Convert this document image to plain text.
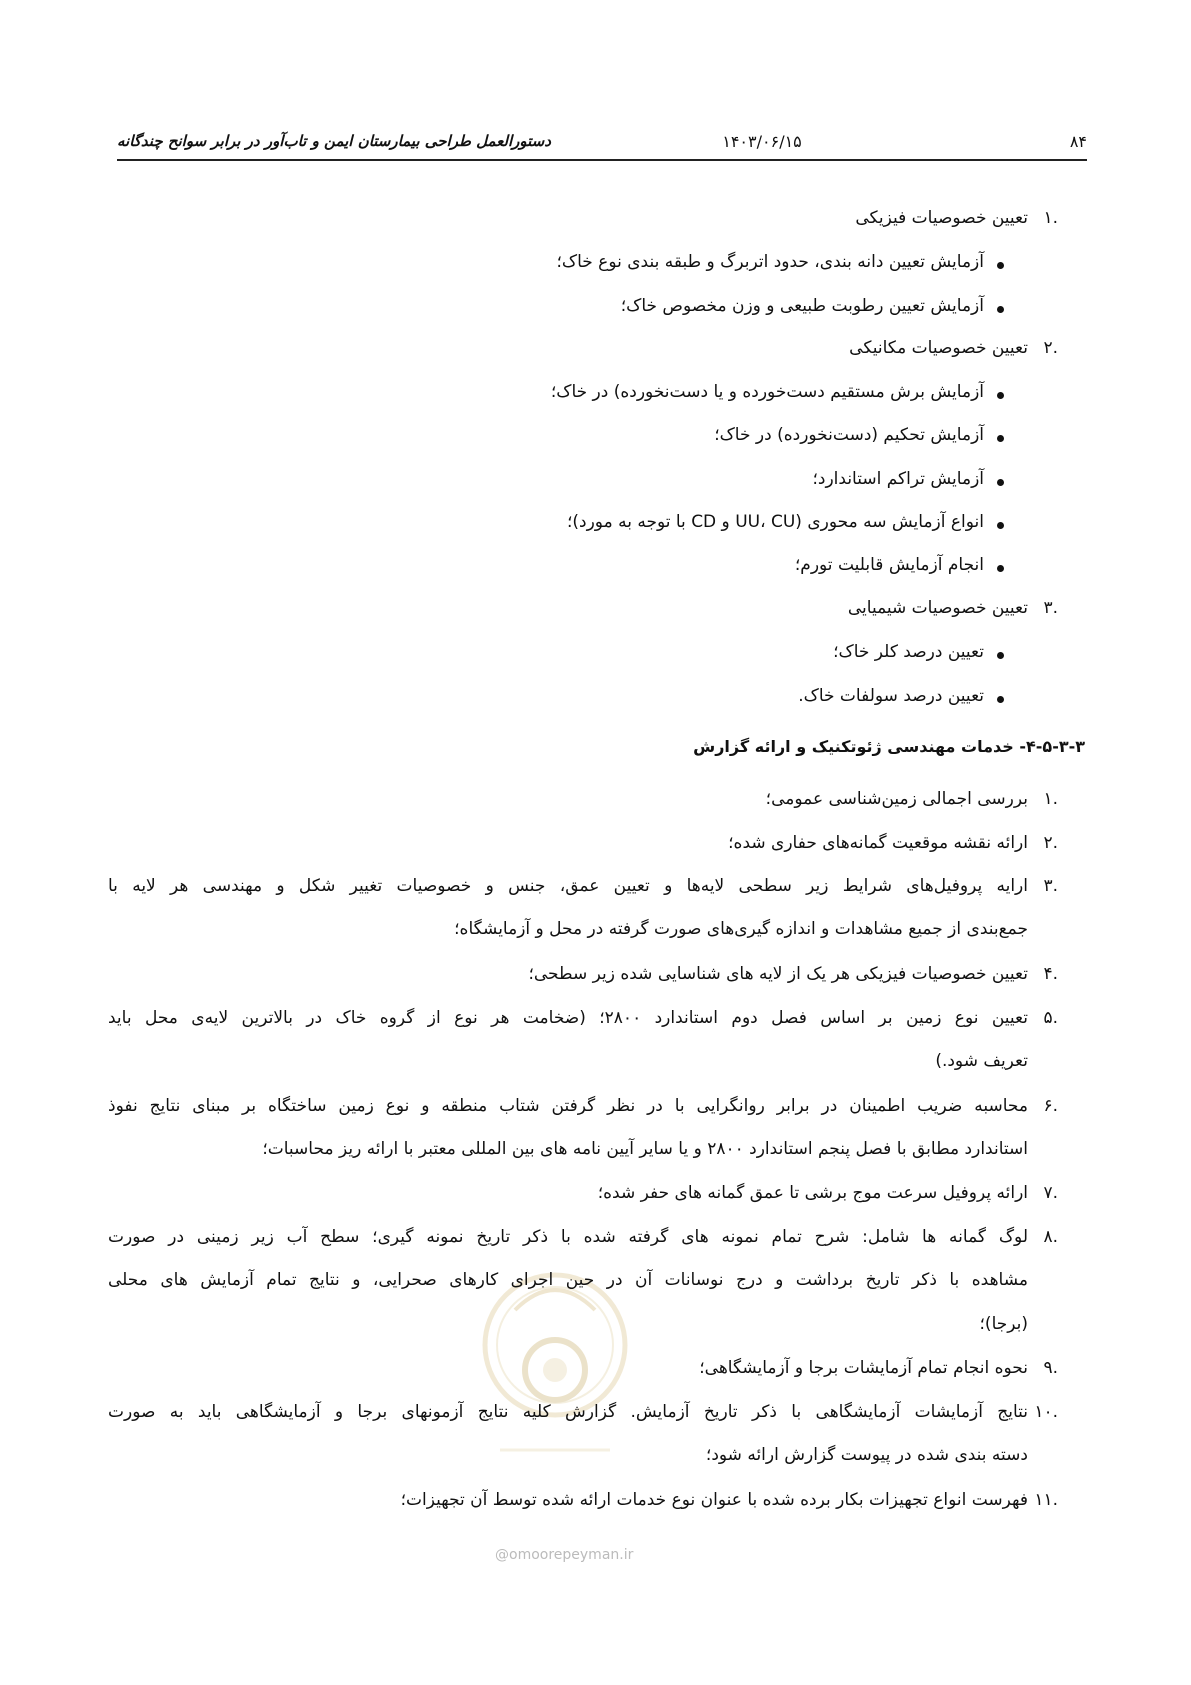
۸۴
۱۴۰۳/۰۶/۱۵
دستورالعمل طراحی بیمارستان ایمن و تاب‌آور در برابر سوانح چندگانه
@omoorepeyman.ir
.۱
تعیین خصوصیات فیزیکی
آزمایش تعیین دانه بندی، حدود اتربرگ و طبقه بندی نوع خاک؛
آزمایش تعیین رطوبت طبیعی و وزن مخصوص خاک؛
.۲
تعیین خصوصیات مکانیکی
آزمایش برش مستقیم دست‌خورده و یا دست‌نخورده) در خاک؛
آزمایش تحکیم (دست‌نخورده) در خاک؛
آزمایش تراکم استاندارد؛
انواع آزمایش سه محوری (UU، CU و CD با توجه به مورد)؛
انجام آزمایش قابلیت تورم؛
.۳
تعیین خصوصیات شیمیایی
تعیین درصد کلر خاک؛
تعیین درصد سولفات خاک.
۴-۵-۳-۳- خدمات مهندسی ژئوتکنیک و ارائه گزارش
.۱
بررسی اجمالی زمین‌شناسی عمومی؛
.۲
ارائه نقشه موقعیت گمانه‌های حفاری شده؛
.۳
ارایه پروفیل‌های شرایط زیر سطحی لایه‌ها و تعیین عمق، جنس و خصوصیات تغییر شکل و مهندسی هر لایه با
جمع‌بندی از جمیع مشاهدات و اندازه گیری‌های صورت گرفته در محل و آزمایشگاه؛
.۴
تعیین خصوصیات فیزیکی هر یک از لایه های شناسایی شده زیر سطحی؛
.۵
تعیین نوع زمین بر اساس فصل دوم استاندارد ۲۸۰۰؛ (ضخامت هر نوع از گروه خاک در بالاترین لایه‌ی محل باید
تعریف شود.)
.۶
محاسبه ضریب اطمینان در برابر روانگرایی با در نظر گرفتن شتاب منطقه و نوع زمین ساختگاه بر مبنای نتایج نفوذ
استاندارد مطابق با فصل پنجم استاندارد ۲۸۰۰ و یا سایر آیین نامه های بین المللی معتبر با ارائه ریز محاسبات؛
.۷
ارائه پروفیل سرعت موج برشی تا عمق گمانه های حفر شده؛
.۸
لوگ گمانه ها شامل: شرح تمام نمونه های گرفته شده با ذکر تاریخ نمونه گیری؛ سطح آب زیر زمینی در صورت
مشاهده با ذکر تاریخ برداشت و درج نوسانات آن در حین اجرای کارهای صحرایی، و نتایج تمام آزمایش های محلی
(برجا)؛
.۹
نحوه انجام تمام آزمایشات برجا و آزمایشگاهی؛
.۱۰
نتایج آزمایشات آزمایشگاهی با ذکر تاریخ آزمایش. گزارش کلیه نتایج آزمونهای برجا و آزمایشگاهی باید به صورت
دسته بندی شده در پیوست گزارش ارائه شود؛
.۱۱
فهرست انواع تجهیزات بکار برده شده با عنوان نوع خدمات ارائه شده توسط آن تجهیزات؛
